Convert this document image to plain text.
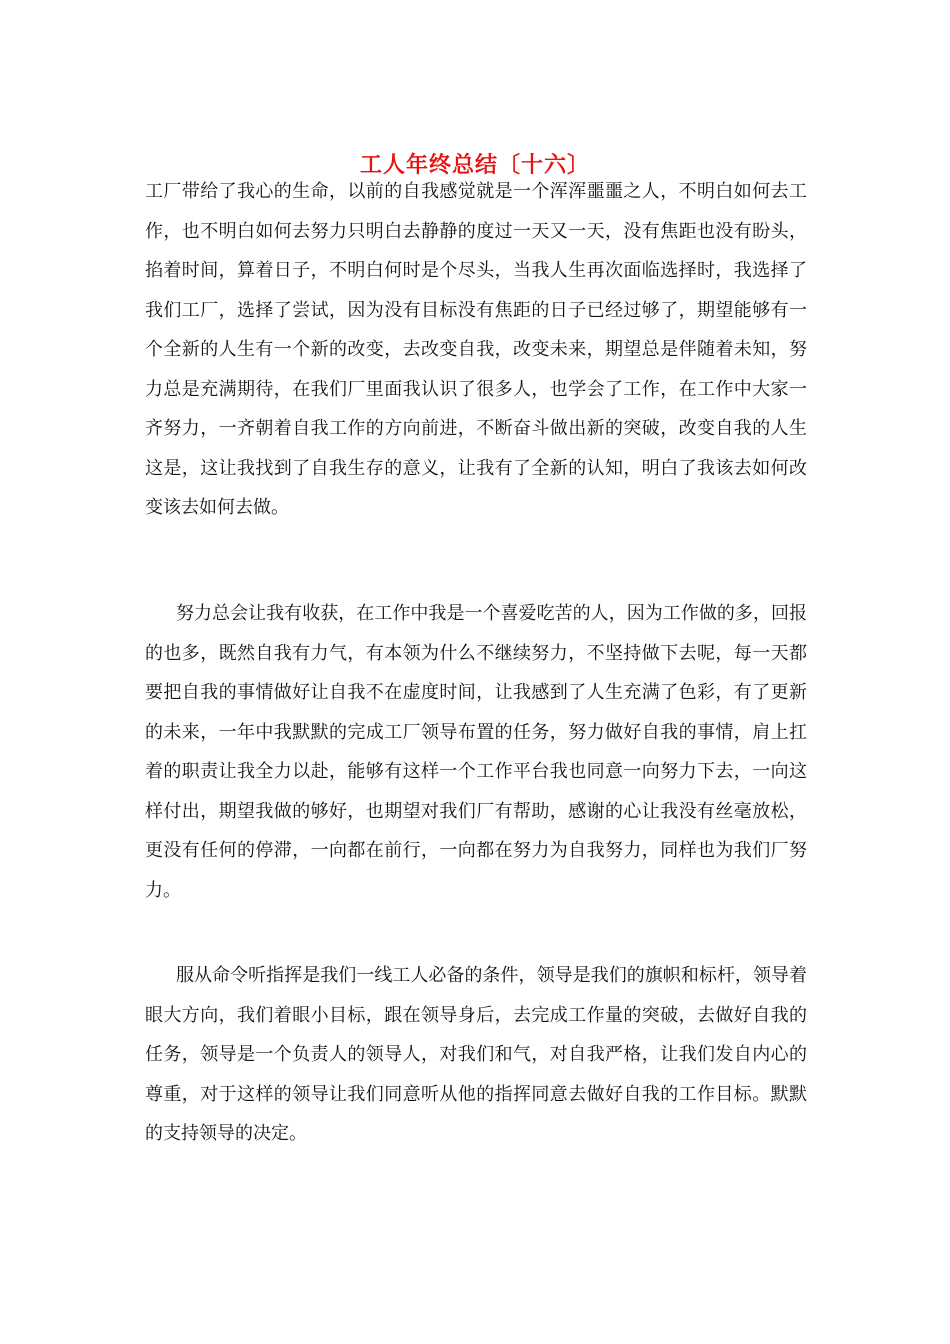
工人年终总结〔十六〕

工厂带给了我心的生命，以前的自我感觉就是一个浑浑噩噩之人，不明白如何去工作，也不明白如何去努力只明白去静静的度过一天又一天，没有焦距也没有盼头，掐着时间，算着日子，不明白何时是个尽头，当我人生再次面临选择时，我选择了我们工厂，选择了尝试，因为没有目标没有焦距的日子已经过够了，期望能够有一个全新的人生有一个新的改变，去改变自我，改变未来，期望总是伴随着未知，努力总是充满期待，在我们厂里面我认识了很多人，也学会了工作，在工作中大家一齐努力，一齐朝着自我工作的方向前进，不断奋斗做出新的突破，改变自我的人生这是，这让我找到了自我生存的意义，让我有了全新的认知，明白了我该去如何改变该去如何去做。

努力总会让我有收获，在工作中我是一个喜爱吃苦的人，因为工作做的多，回报的也多，既然自我有力气，有本领为什么不继续努力，不坚持做下去呢，每一天都要把自我的事情做好让自我不在虚度时间，让我感到了人生充满了色彩，有了更新的未来，一年中我默默的完成工厂领导布置的任务，努力做好自我的事情，肩上扛着的职责让我全力以赴，能够有这样一个工作平台我也同意一向努力下去，一向这样付出，期望我做的够好，也期望对我们厂有帮助，感谢的心让我没有丝毫放松，更没有任何的停滞，一向都在前行，一向都在努力为自我努力，同样也为我们厂努力。

服从命令听指挥是我们一线工人必备的条件，领导是我们的旗帜和标杆，领导着眼大方向，我们着眼小目标，跟在领导身后，去完成工作量的突破，去做好自我的任务，领导是一个负责人的领导人，对我们和气，对自我严格，让我们发自内心的尊重，对于这样的领导让我们同意听从他的指挥同意去做好自我的工作目标。默默的支持领导的决定。
